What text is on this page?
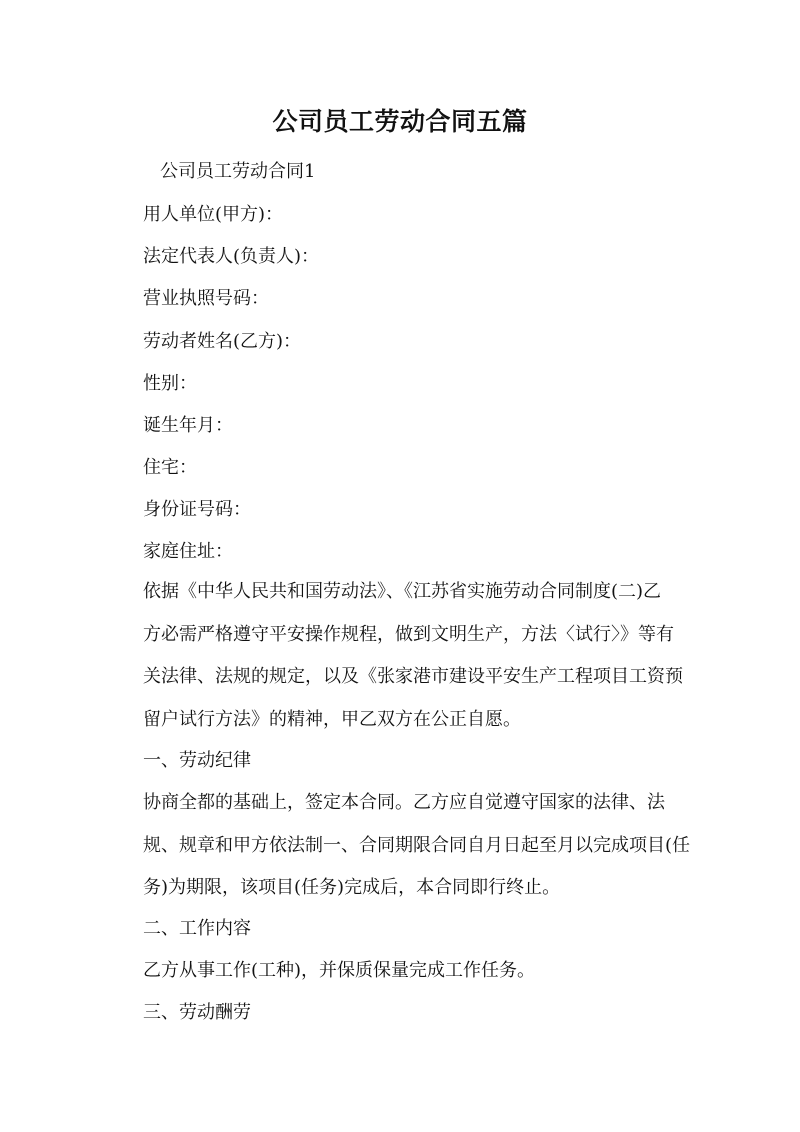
公司员工劳动合同五篇
公司员工劳动合同1
用人单位(甲方)：
法定代表人(负责人)：
营业执照号码：
劳动者姓名(乙方)：
性别：
诞生年月：
住宅：
身份证号码：
家庭住址：
依据《中华人民共和国劳动法》、《江苏省实施劳动合同制度(二)乙
方必需严格遵守平安操作规程，做到文明生产，方法〈试行〉》等有
关法律、法规的规定，以及《张家港市建设平安生产工程项目工资预
留户试行方法》的精神，甲乙双方在公正自愿。
一、劳动纪律
协商全都的基础上，签定本合同。乙方应自觉遵守国家的法律、法
规、规章和甲方依法制一、合同期限合同自月日起至月以完成项目(任
务)为期限，该项目(任务)完成后，本合同即行终止。
二、工作内容
乙方从事工作(工种)，并保质保量完成工作任务。
三、劳动酬劳
